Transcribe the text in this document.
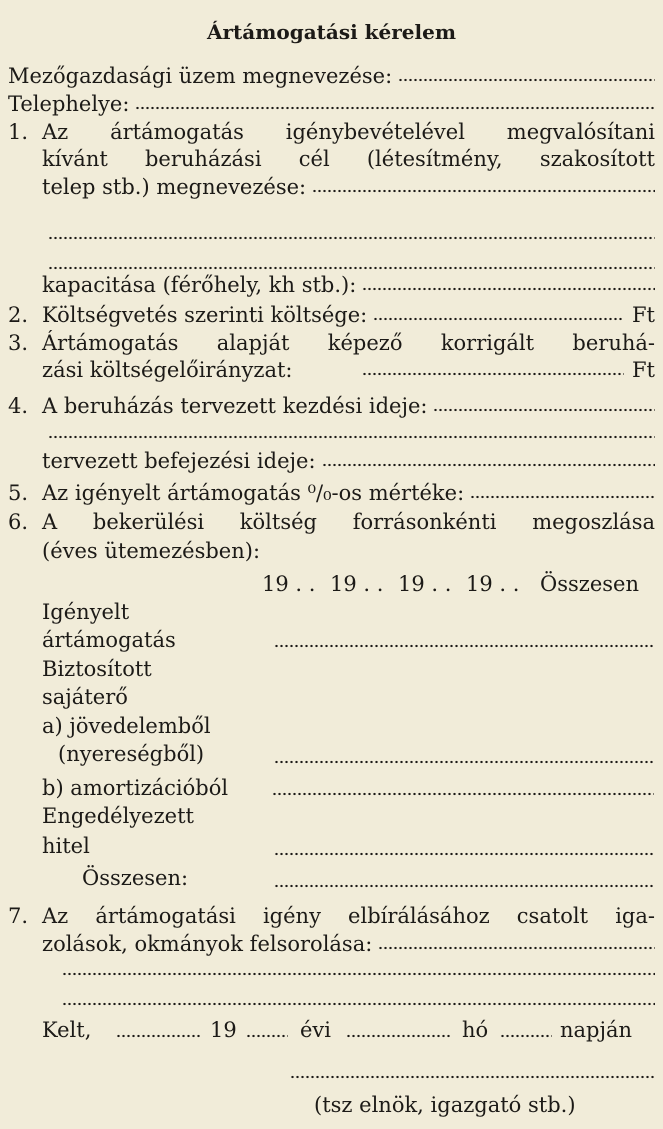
Ártámogatási kérelem
Mezőgazdasági üzem megnevezése:
Telephelye:
1. Az ártámogatás igénybevételével megvalósítani
kívánt beruházási cél (létesítmény, szakosított
telep stb.) megnevezése:
kapacitása (férőhely, kh stb.):
2. Költségvetés szerinti költsége:	Ft
3. Ártámogatás alapját képező korrigált beruhá-
zási költségelőirányzat:	Ft
4. A beruházás tervezett kezdési ideje:
tervezett befejezési ideje:
5. Az igényelt ártámogatás ⁰/₀-os mértéke:
6. A bekerülési költség forrásonkénti megoszlása
(éves ütemezésben):
19 . . 19 . . 19 . . 19 . . Összesen
Igényelt
ártámogatás
Biztosított
sajáterő
a) jövedelemből
(nyereségből)
b) amortizációból
Engedélyezett
hitel
Összesen:
7. Az ártámogatási igény elbírálásához csatolt iga-
zolások, okmányok felsorolása:
Kelt,	19	évi	hó	napján
(tsz elnök, igazgató stb.)
